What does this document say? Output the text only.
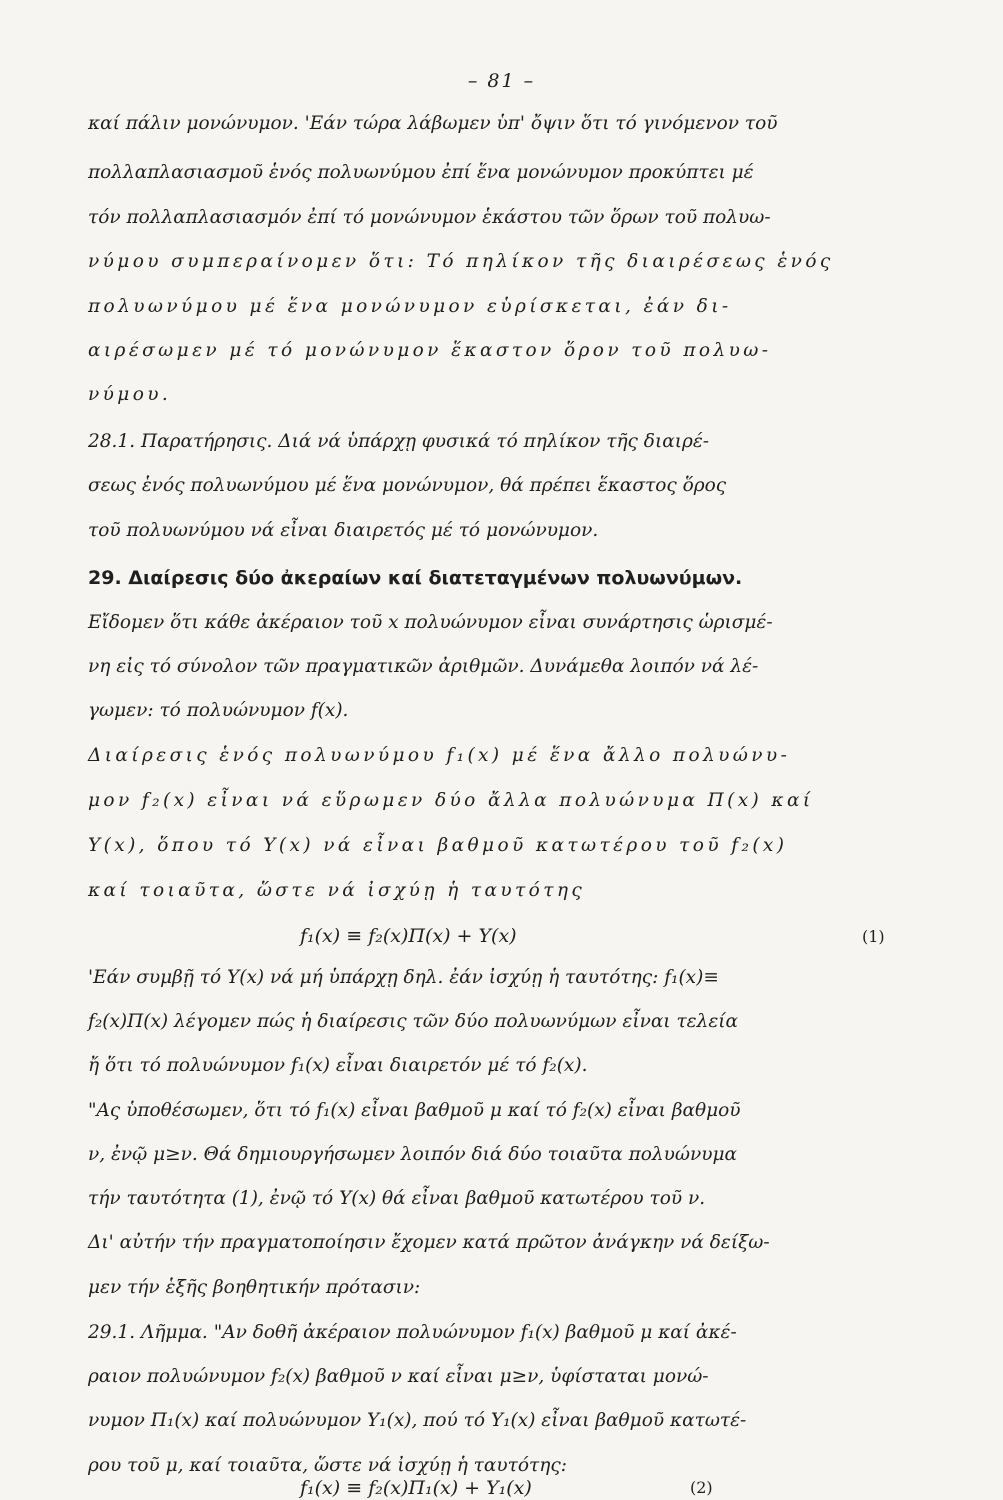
– 81 –
καί πάλιν μονώνυμον. 'Εάν τώρα λάβωμεν ὑπ' ὄψιν ὅτι τό γινόμενον τοῦ
πολλαπλασιασμοῦ ἑνός πολυωνύμου ἐπί ἕνα μονώνυμον προκύπτει μέ
τόν πολλαπλασιασμόν ἐπί τό μονώνυμον ἑκάστου τῶν ὅρων τοῦ πολυω-
νύμου συμπεραίνομεν ὅτι: Τό πηλίκον τῆς διαιρέσεως ἑνός
πολυωνύμου μέ ἕνα μονώνυμον εὑρίσκεται, ἐάν δι-
αιρέσωμεν μέ τό μονώνυμον ἕκαστον ὅρον τοῦ πολυω-
νύμου.
28.1. Παρατήρησις. Διά νά ὑπάρχῃ φυσικά τό πηλίκον τῆς διαιρέ-
σεως ἑνός πολυωνύμου μέ ἕνα μονώνυμον, θά πρέπει ἕκαστος ὅρος
τοῦ πολυωνύμου νά εἶναι διαιρετός μέ τό μονώνυμον.
29. Διαίρεσις δύο ἀκεραίων καί διατεταγμένων πολυωνύμων.
Εἴδομεν ὅτι κάθε ἀκέραιον τοῦ x πολυώνυμον εἶναι συνάρτησις ὡρισμέ-
νη εἰς τό σύνολον τῶν πραγματικῶν ἀριθμῶν. Δυνάμεθα λοιπόν νά λέ-
γωμεν: τό πολυώνυμον f(x).
Διαίρεσις ἑνός πολυωνύμου f₁(x) μέ ἕνα ἄλλο πολυώνυ-
μον f₂(x) εἶναι νά εὕρωμεν δύο ἄλλα πολυώνυμα Π(x) καί
Υ(x), ὅπου τό Υ(x) νά εἶναι βαθμοῦ κατωτέρου τοῦ f₂(x)
καί τοιαῦτα, ὥστε νά ἰσχύῃ ἡ ταυτότης
f₁(x) ≡ f₂(x)Π(x) + Υ(x)	(1)
'Εάν συμβῇ τό Υ(x) νά μή ὑπάρχῃ δηλ. ἐάν ἰσχύῃ ἡ ταυτότης: f₁(x)≡
f₂(x)Π(x) λέγομεν πώς ἡ διαίρεσις τῶν δύο πολυωνύμων εἶναι τελεία
ἤ ὅτι τό πολυώνυμον f₁(x) εἶναι διαιρετόν μέ τό f₂(x).
"Ας ὑποθέσωμεν, ὅτι τό f₁(x) εἶναι βαθμοῦ μ καί τό f₂(x) εἶναι βαθμοῦ
ν, ἐνῷ μ≥ν. Θά δημιουργήσωμεν λοιπόν διά δύο τοιαῦτα πολυώνυμα
τήν ταυτότητα (1), ἐνῷ τό Υ(x) θά εἶναι βαθμοῦ κατωτέρου τοῦ ν.
Δι' αὐτήν τήν πραγματοποίησιν ἔχομεν κατά πρῶτον ἀνάγκην νά δείξω-
μεν τήν ἑξῆς βοηθητικήν πρότασιν:
29.1. Λῆμμα. "Αν δοθῆ ἀκέραιον πολυώνυμον f₁(x) βαθμοῦ μ καί ἀκέ-
ραιον πολυώνυμον f₂(x) βαθμοῦ ν καί εἶναι μ≥ν, ὑφίσταται μονώ-
νυμον Π₁(x) καί πολυώνυμον Υ₁(x), πού τό Υ₁(x) εἶναι βαθμοῦ κατωτέ-
ρου τοῦ μ, καί τοιαῦτα, ὥστε νά ἰσχύῃ ἡ ταυτότης:
f₁(x) ≡ f₂(x)Π₁(x) + Υ₁(x)	(2)
